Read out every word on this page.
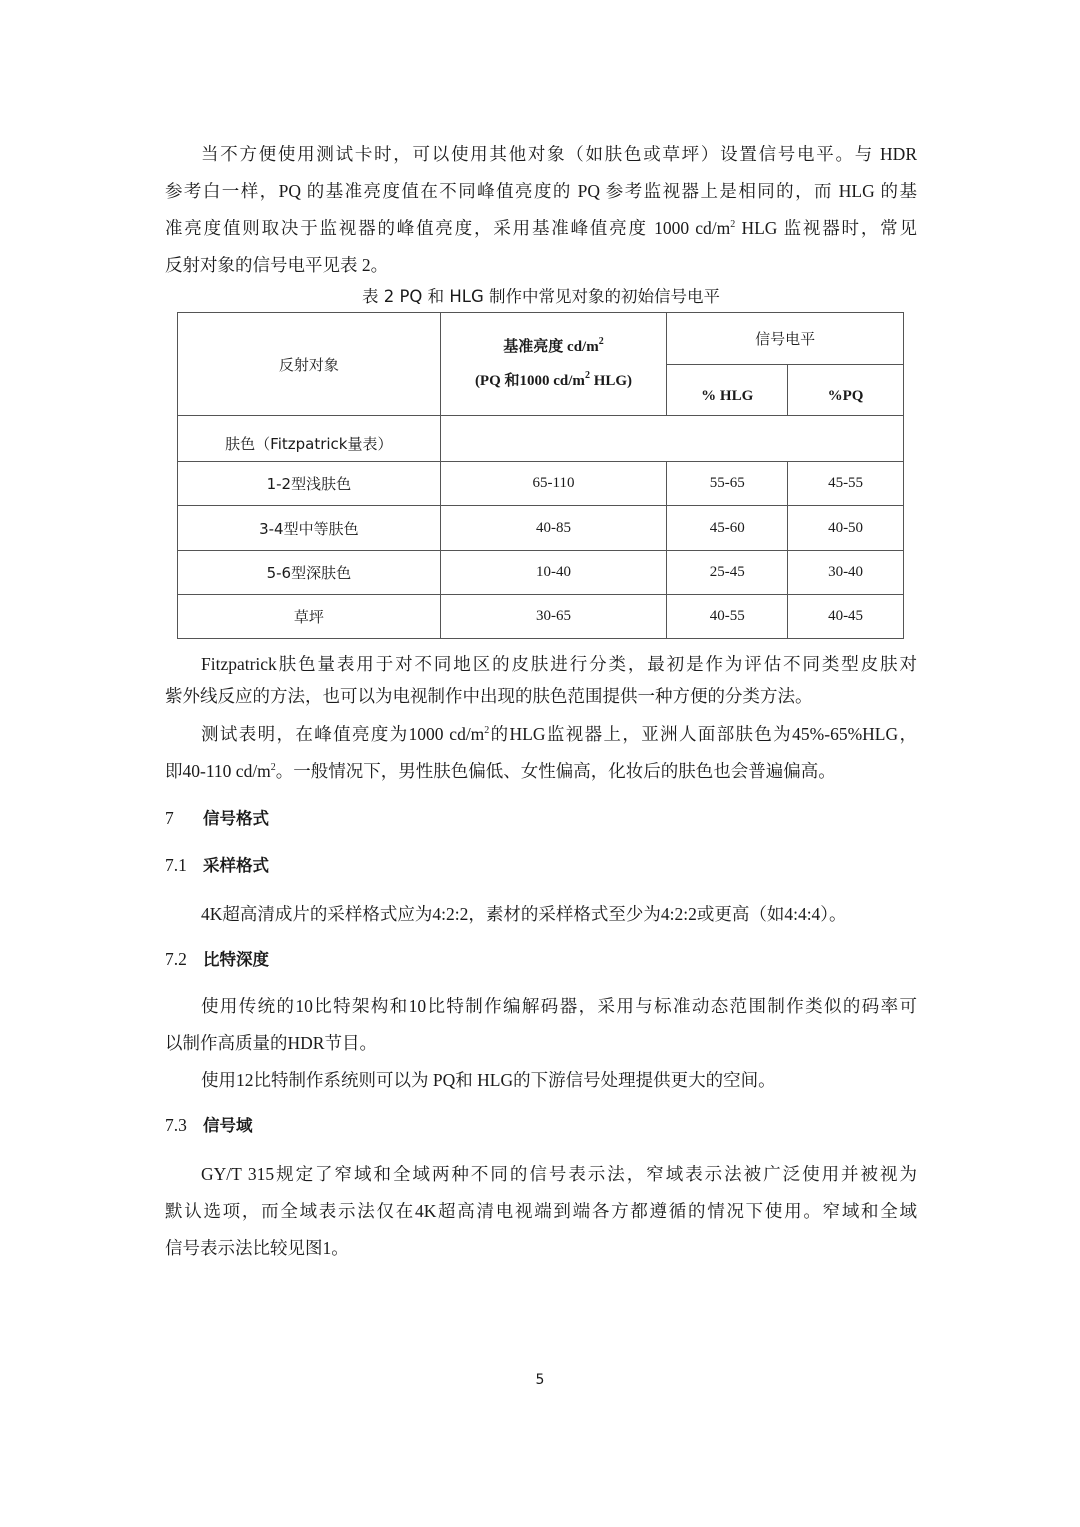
当不方便使用测试卡时，可以使用其他对象（如肤色或草坪）设置信号电平。与 HDR
参考白一样，PQ 的基准亮度值在不同峰值亮度的 PQ 参考监视器上是相同的，而 HLG 的基
准亮度值则取决于监视器的峰值亮度，采用基准峰值亮度 1000 $cd/m^2$ HLG 监视器时，常见
反射对象的信号电平见表 2。
表 2 PQ 和 HLG 制作中常见对象的初始信号电平
反射对象	基准亮度 $cd/m^2$
(PQ 和1000 $cd/m^2$ HLG)	信号电平	
		% HLG	%PQ
肤色（Fitzpatrick量表）			
1-2型浅肤色	65-110	55-65	45-55
3-4型中等肤色	40-85	45-60	40-50
5-6型深肤色	10-40	25-45	30-40
草坪	30-65	40-55	40-45
Fitzpatrick肤色量表用于对不同地区的皮肤进行分类，最初是作为评估不同类型皮肤对
紫外线反应的方法，也可以为电视制作中出现的肤色范围提供一种方便的分类方法。
测试表明，在峰值亮度为1000 $cd/m^2$的HLG监视器上，亚洲人面部肤色为45%-65%HLG，
即40-110 $cd/m^2$。一般情况下，男性肤色偏低、女性偏高，化妆后的肤色也会普遍偏高。
7 信号格式
7.1 采样格式
4K超高清成片的采样格式应为4:2:2，素材的采样格式至少为4:2:2或更高（如4:4:4）。
7.2 比特深度
使用传统的10比特架构和10比特制作编解码器，采用与标准动态范围制作类似的码率可
以制作高质量的HDR节目。
使用12比特制作系统则可以为 PQ和 HLG的下游信号处理提供更大的空间。
7.3 信号域
GY/T 315规定了窄域和全域两种不同的信号表示法，窄域表示法被广泛使用并被视为
默认选项，而全域表示法仅在4K超高清电视端到端各方都遵循的情况下使用。窄域和全域
信号表示法比较见图1。
5
